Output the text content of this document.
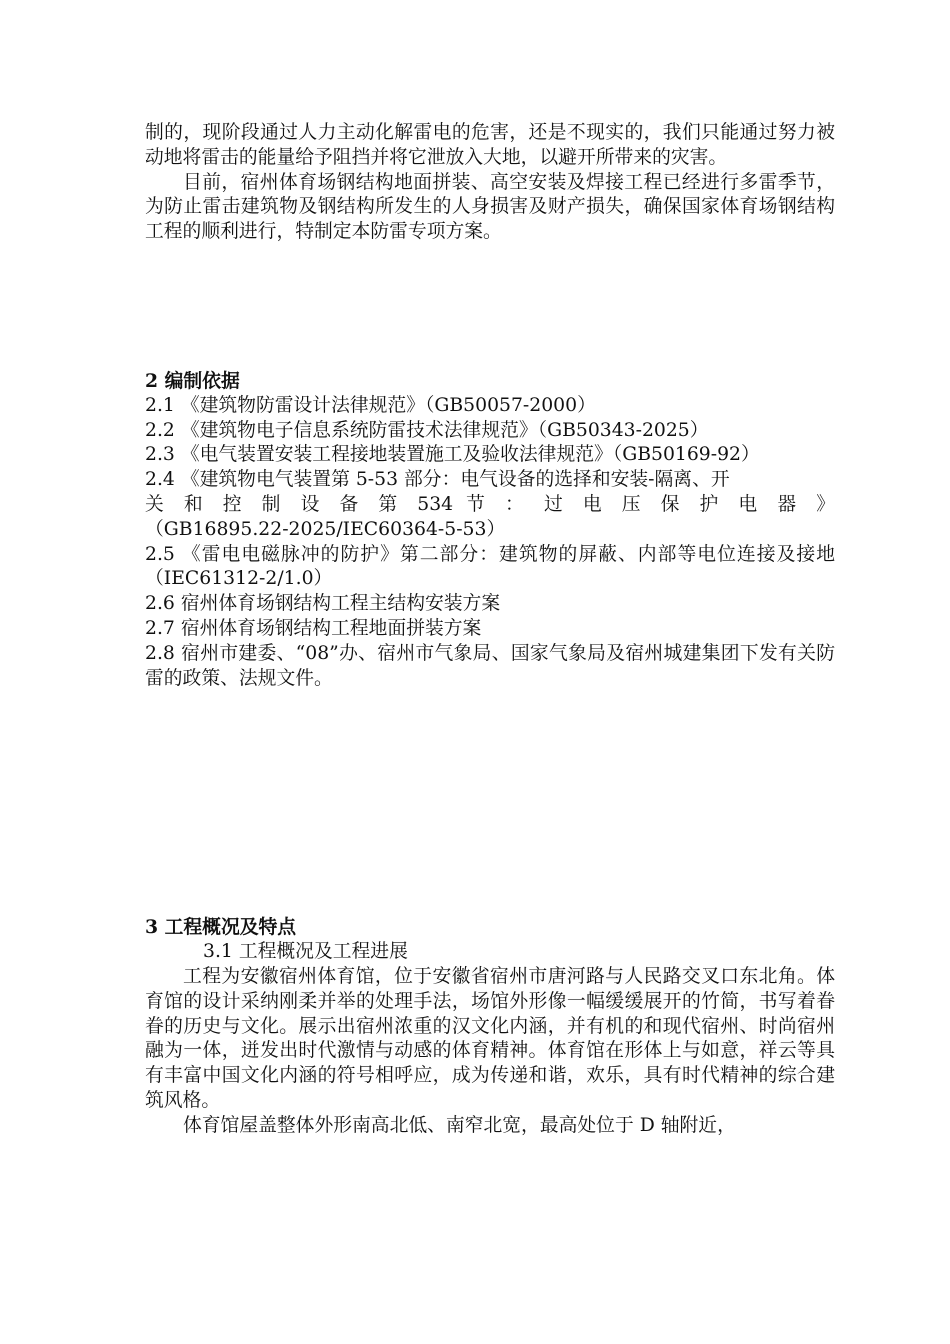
制的，现阶段通过人力主动化解雷电的危害，还是不现实的，我们只能通过努力被动地将雷击的能量给予阻挡并将它泄放入大地，以避开所带来的灾害。

目前，宿州体育场钢结构地面拼装、高空安装及焊接工程已经进行多雷季节，为防止雷击建筑物及钢结构所发生的人身损害及财产损失，确保国家体育场钢结构工程的顺利进行，特制定本防雷专项方案。

2 编制依据

2.1 《建筑物防雷设计法律规范》（GB50057-2000）

2.2 《建筑物电子信息系统防雷技术法律规范》（GB50343-2025）

2.3 《电气装置安装工程接地装置施工及验收法律规范》（GB50169-92）

2.4 《建筑物电气装置第 5-53 部分：电气设备的选择和安装-隔离、开

关 和 控 制 设 备 第 534 节 ： 过 电 压 保 护 电 器 》

（GB16895.22-2025/IEC60364-5-53）

2.5 《雷电电磁脉冲的防护》第二部分：建筑物的屏蔽、内部等电位连接及接地（IEC61312-2/1.0）

2.6 宿州体育场钢结构工程主结构安装方案

2.7 宿州体育场钢结构工程地面拼装方案

2.8 宿州市建委、“08”办、宿州市气象局、国家气象局及宿州城建集团下发有关防雷的政策、法规文件。

3 工程概况及特点

3.1 工程概况及工程进展

工程为安徽宿州体育馆，位于安徽省宿州市唐河路与人民路交叉口东北角。体育馆的设计采纳刚柔并举的处理手法，场馆外形像一幅缓缓展开的竹简，书写着眷眷的历史与文化。展示出宿州浓重的汉文化内涵，并有机的和现代宿州、时尚宿州融为一体，迸发出时代激情与动感的体育精神。体育馆在形体上与如意，祥云等具有丰富中国文化内涵的符号相呼应，成为传递和谐，欢乐，具有时代精神的综合建筑风格。

体育馆屋盖整体外形南高北低、南窄北宽，最高处位于 D 轴附近，
